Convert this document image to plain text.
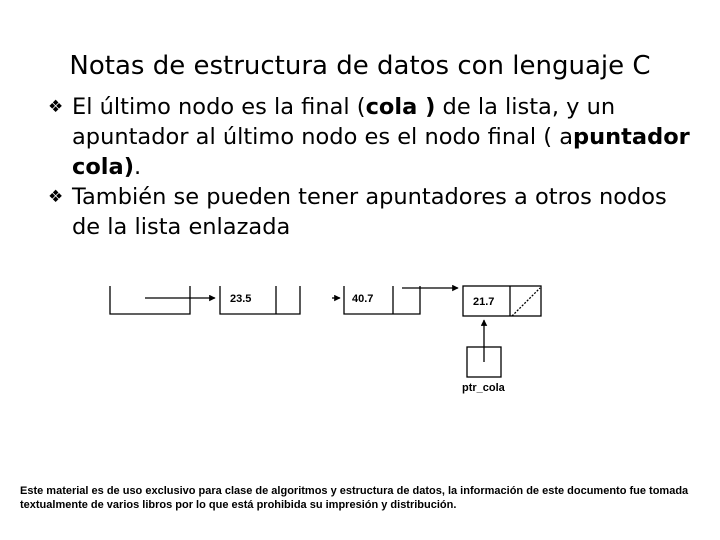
Notas de estructura de datos con lenguaje C

❖ El último nodo es la final (cola ) de la lista, y un apuntador al último nodo es el nodo final ( apuntador cola).

❖ También se pueden tener apuntadores a otros nodos de la lista enlazada

23.5	40.7	21.7
ptr_cola
Este material es de uso exclusivo para clase de algoritmos y estructura de datos, la información de este documento fue tomada textualmente de varios libros por lo que está prohibida su impresión y distribución.
